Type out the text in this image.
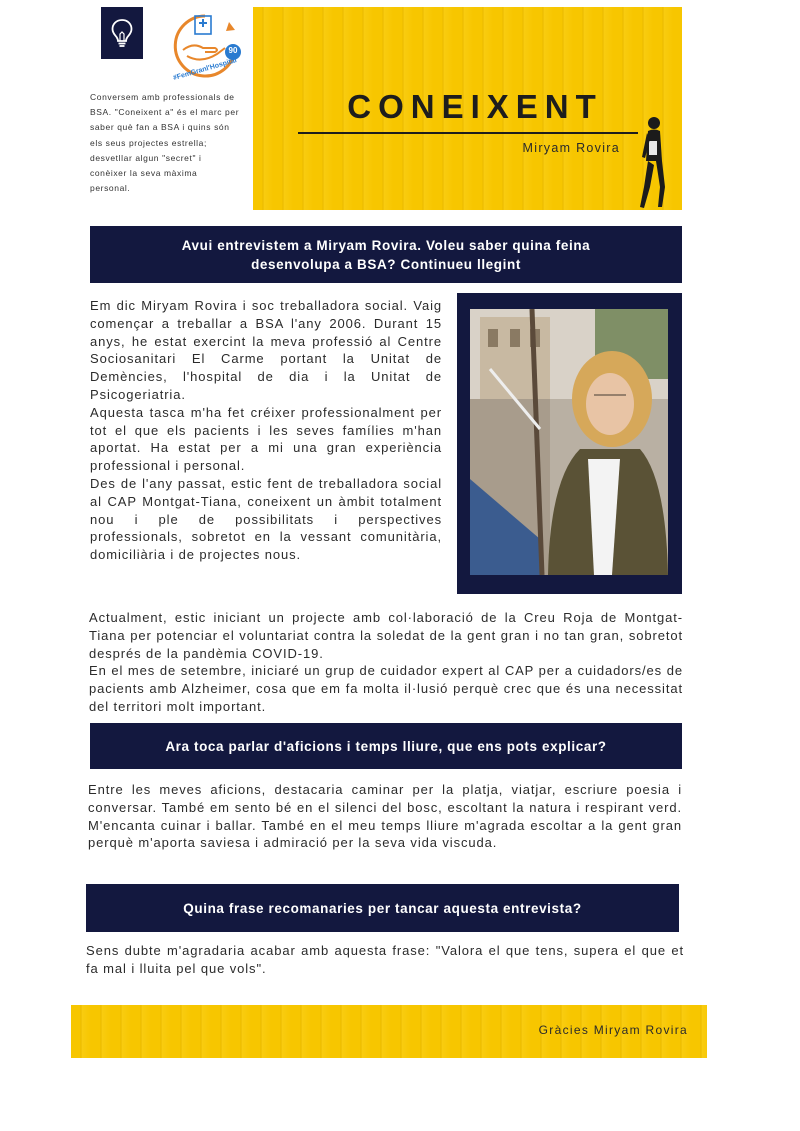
90
#FemGranl'Hospital
Conversem amb professionals de BSA. "Coneixent a" és el marc per saber què fan a BSA i quins són els seus projectes estrella; desvetllar algun "secret" i conèixer la seva màxima personal.
CONEIXENT
Miryam Rovira
Avui entrevistem a Miryam Rovira. Voleu saber quina feina desenvolupa a BSA? Continueu llegint
Em dic Miryam Rovira i soc treballadora social. Vaig començar a treballar a BSA l'any 2006. Durant 15 anys, he estat exercint la meva professió al Centre Sociosanitari El Carme portant la Unitat de Demències, l'hospital de dia i la Unitat de Psicogeriatria.
Aquesta tasca m'ha fet créixer professionalment per tot el que els pacients i les seves famílies m'han aportat. Ha estat per a mi una gran experiència professional i personal.
Des de l'any passat, estic fent de treballadora social al CAP Montgat-Tiana, coneixent un àmbit totalment nou i ple de possibilitats i perspectives professionals, sobretot en la vessant comunitària, domiciliària i de projectes nous.
Actualment, estic iniciant un projecte amb col·laboració de la Creu Roja de Montgat-Tiana per potenciar el voluntariat contra la soledat de la gent gran i no tan gran, sobretot després de la pandèmia COVID-19.
En el mes de setembre, iniciaré un grup de cuidador expert al CAP per a cuidadors/es de pacients amb Alzheimer, cosa que em fa molta il·lusió perquè crec que és una necessitat del territori molt important.
Ara toca parlar d'aficions i temps lliure, que ens pots explicar?
Entre les meves aficions, destacaria caminar per la platja, viatjar, escriure poesia i conversar. També em sento bé en el silenci del bosc, escoltant la natura i respirant verd. M'encanta cuinar i ballar. També en el meu temps lliure m'agrada escoltar a la gent gran perquè m'aporta saviesa i admiració per la seva vida viscuda.
Quina frase recomanaries per tancar aquesta entrevista?
Sens dubte m'agradaria acabar amb aquesta frase: "Valora el que tens, supera el que et fa mal i lluita pel que vols".
Gràcies Miryam Rovira
